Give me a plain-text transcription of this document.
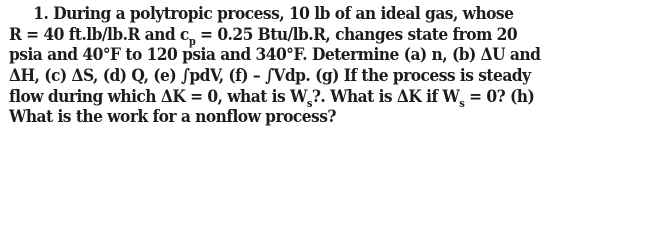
1. During a polytropic process, 10 lb of an ideal gas, whose
R = 40 ft.lb/lb.R and $c_p = 0.25$ Btu/lb.R, changes state from 20
psia and 40°F to 120 psia and 340°F. Determine (a) n, (b) ΔU and
ΔH, (c) ΔS, (d) Q, (e) ∫pdV, (f) – ∫Vdp. (g) If the process is steady
flow during which ΔK = 0, what is $W_s$?. What is ΔK if $W_s = 0$? (h)
What is the work for a nonflow process?
